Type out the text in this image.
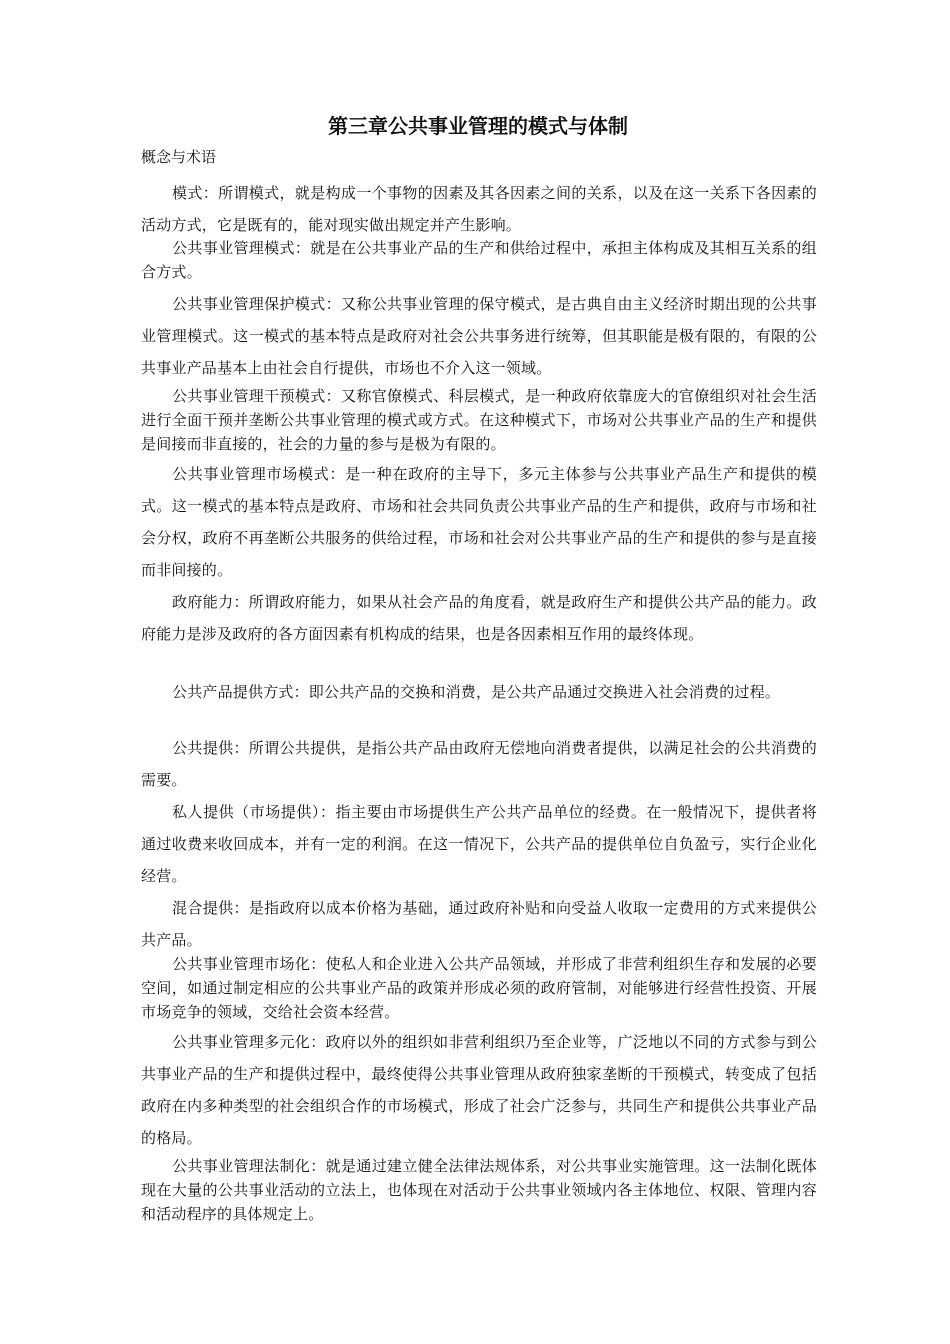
第三章公共事业管理的模式与体制

概念与术语

模式：所谓模式，就是构成一个事物的因素及其各因素之间的关系，以及在这一关系下各因素的活动方式，它是既有的，能对现实做出规定并产生影响。

公共事业管理模式：就是在公共事业产品的生产和供给过程中，承担主体构成及其相互关系的组合方式。

公共事业管理保护模式：又称公共事业管理的保守模式，是古典自由主义经济时期出现的公共事业管理模式。这一模式的基本特点是政府对社会公共事务进行统筹，但其职能是极有限的，有限的公共事业产品基本上由社会自行提供，市场也不介入这一领域。

公共事业管理干预模式：又称官僚模式、科层模式，是一种政府依靠庞大的官僚组织对社会生活进行全面干预并垄断公共事业管理的模式或方式。在这种模式下，市场对公共事业产品的生产和提供是间接而非直接的，社会的力量的参与是极为有限的。

公共事业管理市场模式：是一种在政府的主导下，多元主体参与公共事业产品生产和提供的模式。这一模式的基本特点是政府、市场和社会共同负责公共事业产品的生产和提供，政府与市场和社会分权，政府不再垄断公共服务的供给过程，市场和社会对公共事业产品的生产和提供的参与是直接而非间接的。

政府能力：所谓政府能力，如果从社会产品的角度看，就是政府生产和提供公共产品的能力。政府能力是涉及政府的各方面因素有机构成的结果，也是各因素相互作用的最终体现。

公共产品提供方式：即公共产品的交换和消费，是公共产品通过交换进入社会消费的过程。

公共提供：所谓公共提供，是指公共产品由政府无偿地向消费者提供，以满足社会的公共消费的需要。

私人提供（市场提供）：指主要由市场提供生产公共产品单位的经费。在一般情况下，提供者将通过收费来收回成本，并有一定的利润。在这一情况下，公共产品的提供单位自负盈亏，实行企业化经营。

混合提供：是指政府以成本价格为基础，通过政府补贴和向受益人收取一定费用的方式来提供公共产品。

公共事业管理市场化：使私人和企业进入公共产品领域，并形成了非营利组织生存和发展的必要空间，如通过制定相应的公共事业产品的政策并形成必须的政府管制，对能够进行经营性投资、开展市场竞争的领域，交给社会资本经营。

公共事业管理多元化：政府以外的组织如非营利组织乃至企业等，广泛地以不同的方式参与到公共事业产品的生产和提供过程中，最终使得公共事业管理从政府独家垄断的干预模式，转变成了包括政府在内多种类型的社会组织合作的市场模式，形成了社会广泛参与，共同生产和提供公共事业产品的格局。

公共事业管理法制化：就是通过建立健全法律法规体系，对公共事业实施管理。这一法制化既体现在大量的公共事业活动的立法上，也体现在对活动于公共事业领域内各主体地位、权限、管理内容和活动程序的具体规定上。
